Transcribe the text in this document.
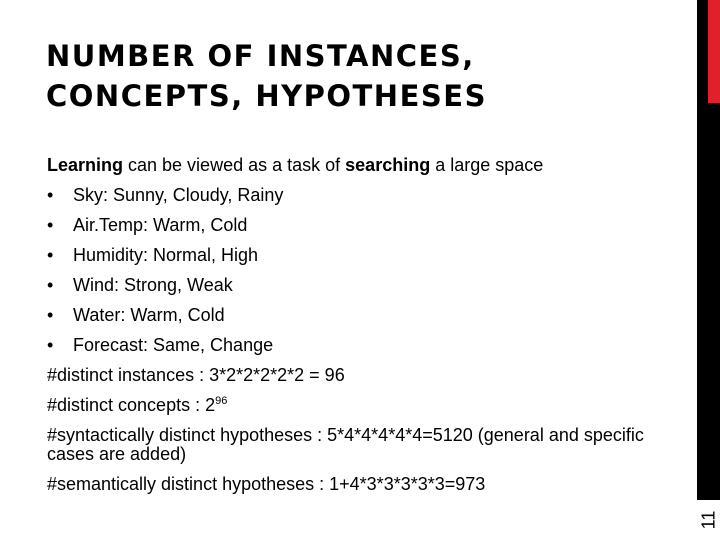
NUMBER OF INSTANCES,
CONCEPTS, HYPOTHESES
11
Learning can be viewed as a task of searching a large space
•	Sky: Sunny, Cloudy, Rainy
•	Air.Temp: Warm, Cold
•	Humidity: Normal, High
•	Wind: Strong, Weak
•	Water: Warm, Cold
•	Forecast: Same, Change
#distinct instances : 3*2*2*2*2*2 = 96
#distinct concepts : $2^{96}$
#syntactically distinct hypotheses : 5*4*4*4*4*4=5120 (general and specific cases are added)
#semantically distinct hypotheses : 1+4*3*3*3*3*3=973
